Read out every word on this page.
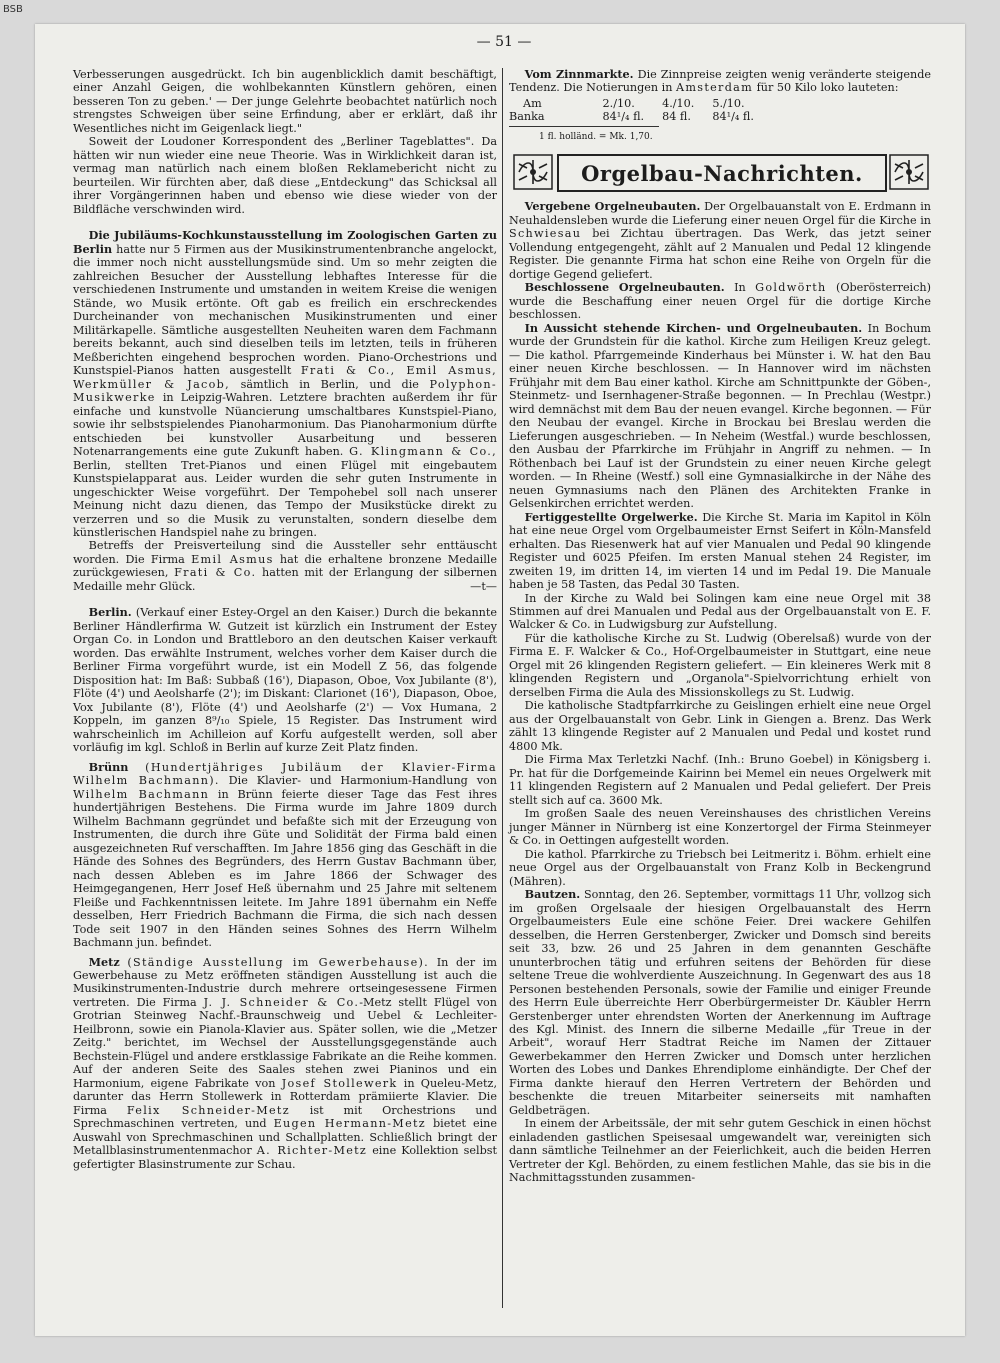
BSB
— 51 —

Verbesserungen ausgedrückt. Ich bin augenblicklich damit beschäftigt, einer Anzahl Geigen, die wohlbekannten Künstlern gehören, einen besseren Ton zu geben.' — Der junge Gelehrte beobachtet natürlich noch strengstes Schweigen über seine Erfindung, aber er erklärt, daß ihr Wesentliches nicht im Geigenlack liegt."

Soweit der Loudoner Korrespondent des „Berliner Tageblattes". Da hätten wir nun wieder eine neue Theorie. Was in Wirklichkeit daran ist, vermag man natürlich nach einem bloßen Reklamebericht nicht zu beurteilen. Wir fürchten aber, daß diese „Entdeckung" das Schicksal all ihrer Vorgängerinnen haben und ebenso wie diese wieder von der Bildfläche verschwinden wird.

Die Jubiläums-Kochkunstausstellung im Zoologischen Garten zu Berlin hatte nur 5 Firmen aus der Musikinstrumentenbranche angelockt, die immer noch nicht ausstellungsmüde sind. Um so mehr zeigten die zahlreichen Besucher der Ausstellung lebhaftes Interesse für die verschiedenen Instrumente und umstanden in weitem Kreise die wenigen Stände, wo Musik ertönte. Oft gab es freilich ein erschreckendes Durcheinander von mechanischen Musikinstrumenten und einer Militärkapelle. Sämtliche ausgestellten Neuheiten waren dem Fachmann bereits bekannt, auch sind dieselben teils im letzten, teils in früheren Meßberichten eingehend besprochen worden. Piano-Orchestrions und Kunstspiel-Pianos hatten ausgestellt Frati & Co., Emil Asmus, Werkmüller & Jacob, sämtlich in Berlin, und die Polyphon-Musikwerke in Leipzig-Wahren. Letztere brachten außerdem ihr für einfache und kunstvolle Nüancierung umschaltbares Kunstspiel-Piano, sowie ihr selbstspielendes Pianoharmonium. Das Pianoharmonium dürfte entschieden bei kunstvoller Ausarbeitung und besseren Notenarrangements eine gute Zukunft haben. G. Klingmann & Co., Berlin, stellten Tret-Pianos und einen Flügel mit eingebautem Kunstspielapparat aus. Leider wurden die sehr guten Instrumente in ungeschickter Weise vorgeführt. Der Tempohebel soll nach unserer Meinung nicht dazu dienen, das Tempo der Musikstücke direkt zu verzerren und so die Musik zu verunstalten, sondern dieselbe dem künstlerischen Handspiel nahe zu bringen.

Betreffs der Preisverteilung sind die Aussteller sehr enttäuscht worden. Die Firma Emil Asmus hat die erhaltene bronzene Medaille zurückgewiesen, Frati & Co. hatten mit der Erlangung der silbernen Medaille mehr Glück.	—t—

Berlin. (Verkauf einer Estey-Orgel an den Kaiser.) Durch die bekannte Berliner Händlerfirma W. Gutzeit ist kürzlich ein Instrument der Estey Organ Co. in London und Brattleboro an den deutschen Kaiser verkauft worden. Das erwählte Instrument, welches vorher dem Kaiser durch die Berliner Firma vorgeführt wurde, ist ein Modell Z 56, das folgende Disposition hat: Im Baß: Subbaß (16'), Diapason, Oboe, Vox Jubilante (8'), Flöte (4') und Aeolsharfe (2'); im Diskant: Clarionet (16'), Diapason, Oboe, Vox Jubilante (8'), Flöte (4') und Aeolsharfe (2') — Vox Humana, 2 Koppeln, im ganzen 8⁹/₁₀ Spiele, 15 Register. Das Instrument wird wahrscheinlich im Achilleion auf Korfu aufgestellt werden, soll aber vorläufig im kgl. Schloß in Berlin auf kurze Zeit Platz finden.

Brünn (Hundertjähriges Jubiläum der Klavier-Firma Wilhelm Bachmann). Die Klavier- und Harmonium-Handlung von Wilhelm Bachmann in Brünn feierte dieser Tage das Fest ihres hundertjährigen Bestehens. Die Firma wurde im Jahre 1809 durch Wilhelm Bachmann gegründet und befaßte sich mit der Erzeugung von Instrumenten, die durch ihre Güte und Solidität der Firma bald einen ausgezeichneten Ruf verschafften. Im Jahre 1856 ging das Geschäft in die Hände des Sohnes des Begründers, des Herrn Gustav Bachmann über, nach dessen Ableben es im Jahre 1866 der Schwager des Heimgegangenen, Herr Josef Heß übernahm und 25 Jahre mit seltenem Fleiße und Fachkenntnissen leitete. Im Jahre 1891 übernahm ein Neffe desselben, Herr Friedrich Bachmann die Firma, die sich nach dessen Tode seit 1907 in den Händen seines Sohnes des Herrn Wilhelm Bachmann jun. befindet.

Metz (Ständige Ausstellung im Gewerbehause). In der im Gewerbehause zu Metz eröffneten ständigen Ausstellung ist auch die Musikinstrumenten-Industrie durch mehrere ortseingesessene Firmen vertreten. Die Firma J. J. Schneider & Co.-Metz stellt Flügel von Grotrian Steinweg Nachf.-Braunschweig und Uebel & Lechleiter-Heilbronn, sowie ein Pianola-Klavier aus. Später sollen, wie die „Metzer Zeitg." berichtet, im Wechsel der Ausstellungsgegenstände auch Bechstein-Flügel und andere erstklassige Fabrikate an die Reihe kommen. Auf der anderen Seite des Saales stehen zwei Pianinos und ein Harmonium, eigene Fabrikate von Josef Stollewerk in Queleu-Metz, darunter das Herrn Stollewerk in Rotterdam prämiierte Klavier. Die Firma Felix Schneider-Metz ist mit Orchestrions und Sprechmaschinen vertreten, und Eugen Hermann-Metz bietet eine Auswahl von Sprechmaschinen und Schallplatten. Schließlich bringt der Metallblasinstrumentenmachor A. Richter-Metz eine Kollektion selbst gefertigter Blasinstrumente zur Schau.

Vom Zinnmarkte. Die Zinnpreise zeigten wenig veränderte steigende Tendenz. Die Notierungen in Amsterdam für 50 Kilo loko lauteten:

Am	2./10.	4./10.	5./10.
Banka	84¹/₄ fl.	84 fl.	84¹/₄ fl.
1 fl. holländ. = Mk. 1,70.
Orgelbau-Nachrichten.

Vergebene Orgelneubauten. Der Orgelbauanstalt von E. Erdmann in Neuhaldensleben wurde die Lieferung einer neuen Orgel für die Kirche in Schwiesau bei Zichtau übertragen. Das Werk, das jetzt seiner Vollendung entgegengeht, zählt auf 2 Manualen und Pedal 12 klingende Register. Die genannte Firma hat schon eine Reihe von Orgeln für die dortige Gegend geliefert.

Beschlossene Orgelneubauten. In Goldwörth (Oberösterreich) wurde die Beschaffung einer neuen Orgel für die dortige Kirche beschlossen.

In Aussicht stehende Kirchen- und Orgelneubauten. In Bochum wurde der Grundstein für die kathol. Kirche zum Heiligen Kreuz gelegt. — Die kathol. Pfarrgemeinde Kinderhaus bei Münster i. W. hat den Bau einer neuen Kirche beschlossen. — In Hannover wird im nächsten Frühjahr mit dem Bau einer kathol. Kirche am Schnittpunkte der Göben-, Steinmetz- und Isernhagener-Straße begonnen. — In Prechlau (Westpr.) wird demnächst mit dem Bau der neuen evangel. Kirche begonnen. — Für den Neubau der evangel. Kirche in Brockau bei Breslau werden die Lieferungen ausgeschrieben. — In Neheim (Westfal.) wurde beschlossen, den Ausbau der Pfarrkirche im Frühjahr in Angriff zu nehmen. — In Röthenbach bei Lauf ist der Grundstein zu einer neuen Kirche gelegt worden. — In Rheine (Westf.) soll eine Gymnasialkirche in der Nähe des neuen Gymnasiums nach den Plänen des Architekten Franke in Gelsenkirchen errichtet werden.

Fertiggestellte Orgelwerke. Die Kirche St. Maria im Kapitol in Köln hat eine neue Orgel vom Orgelbaumeister Ernst Seifert in Köln-Mansfeld erhalten. Das Riesenwerk hat auf vier Manualen und Pedal 90 klingende Register und 6025 Pfeifen. Im ersten Manual stehen 24 Register, im zweiten 19, im dritten 14, im vierten 14 und im Pedal 19. Die Manuale haben je 58 Tasten, das Pedal 30 Tasten.

In der Kirche zu Wald bei Solingen kam eine neue Orgel mit 38 Stimmen auf drei Manualen und Pedal aus der Orgelbauanstalt von E. F. Walcker & Co. in Ludwigsburg zur Aufstellung.

Für die katholische Kirche zu St. Ludwig (Oberelsaß) wurde von der Firma E. F. Walcker & Co., Hof-Orgelbaumeister in Stuttgart, eine neue Orgel mit 26 klingenden Registern geliefert. — Ein kleineres Werk mit 8 klingenden Registern und „Organola"-Spielvorrichtung erhielt von derselben Firma die Aula des Missionskollegs zu St. Ludwig.

Die katholische Stadtpfarrkirche zu Geislingen erhielt eine neue Orgel aus der Orgelbauanstalt von Gebr. Link in Giengen a. Brenz. Das Werk zählt 13 klingende Register auf 2 Manualen und Pedal und kostet rund 4800 Mk.

Die Firma Max Terletzki Nachf. (Inh.: Bruno Goebel) in Königsberg i. Pr. hat für die Dorfgemeinde Kairinn bei Memel ein neues Orgelwerk mit 11 klingenden Registern auf 2 Manualen und Pedal geliefert. Der Preis stellt sich auf ca. 3600 Mk.

Im großen Saale des neuen Vereinshauses des christlichen Vereins junger Männer in Nürnberg ist eine Konzertorgel der Firma Steinmeyer & Co. in Oettingen aufgestellt worden.

Die kathol. Pfarrkirche zu Triebsch bei Leitmeritz i. Böhm. erhielt eine neue Orgel aus der Orgelbauanstalt von Franz Kolb in Beckengrund (Mähren).

Bautzen. Sonntag, den 26. September, vormittags 11 Uhr, vollzog sich im großen Orgelsaale der hiesigen Orgelbauanstalt des Herrn Orgelbaumeisters Eule eine schöne Feier. Drei wackere Gehilfen desselben, die Herren Gerstenberger, Zwicker und Domsch sind bereits seit 33, bzw. 26 und 25 Jahren in dem genannten Geschäfte ununterbrochen tätig und erfuhren seitens der Behörden für diese seltene Treue die wohlverdiente Auszeichnung. In Gegenwart des aus 18 Personen bestehenden Personals, sowie der Familie und einiger Freunde des Herrn Eule überreichte Herr Oberbürgermeister Dr. Käubler Herrn Gerstenberger unter ehrendsten Worten der Anerkennung im Auftrage des Kgl. Minist. des Innern die silberne Medaille „für Treue in der Arbeit", worauf Herr Stadtrat Reiche im Namen der Zittauer Gewerbekammer den Herren Zwicker und Domsch unter herzlichen Worten des Lobes und Dankes Ehrendiplome einhändigte. Der Chef der Firma dankte hierauf den Herren Vertretern der Behörden und beschenkte die treuen Mitarbeiter seinerseits mit namhaften Geldbeträgen.

In einem der Arbeitssäle, der mit sehr gutem Geschick in einen höchst einladenden gastlichen Speisesaal umgewandelt war, vereinigten sich dann sämtliche Teilnehmer an der Feierlichkeit, auch die beiden Herren Vertreter der Kgl. Behörden, zu einem festlichen Mahle, das sie bis in die Nachmittagsstunden zusammen-
